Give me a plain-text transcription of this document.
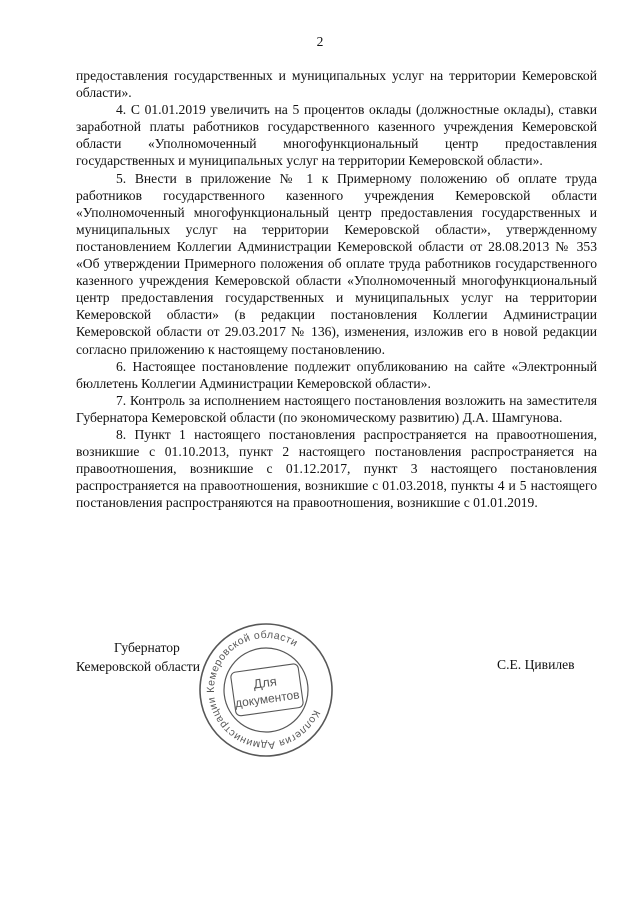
2

предоставления государственных и муниципальных услуг на территории Кемеровской области».

4. С 01.01.2019 увеличить на 5 процентов оклады (должностные оклады), ставки заработной платы работников государственного казенного учреждения Кемеровской области «Уполномоченный многофункциональный центр предоставления государственных и муниципальных услуг на территории Кемеровской области».

5. Внести в приложение № 1 к Примерному положению об оплате труда работников государственного казенного учреждения Кемеровской области «Уполномоченный многофункциональный центр предоставления государственных и муниципальных услуг на территории Кемеровской области», утвержденному постановлением Коллегии Администрации Кемеровской области от 28.08.2013 № 353 «Об утверждении Примерного положения об оплате труда работников государственного казенного учреждения Кемеровской области «Уполномоченный многофункциональный центр предоставления государственных и муниципальных услуг на территории Кемеровской области» (в редакции постановления Коллегии Администрации Кемеровской области от 29.03.2017 № 136), изменения, изложив его в новой редакции согласно приложению к настоящему постановлению.

6. Настоящее постановление подлежит опубликованию на сайте «Электронный бюллетень Коллегии Администрации Кемеровской области».

7. Контроль за исполнением настоящего постановления возложить на заместителя Губернатора Кемеровской области (по экономическому развитию) Д.А. Шамгунова.

8. Пункт 1 настоящего постановления распространяется на правоотношения, возникшие с 01.10.2013, пункт 2 настоящего постановления распространяется на правоотношения, возникшие с 01.12.2017, пункт 3 настоящего постановления распространяется на правоотношения, возникшие с 01.03.2018, пункты 4 и 5 настоящего постановления распространяются на правоотношения, возникшие с 01.01.2019.

Губернатор
Кемеровской области	С.Е. Цивилев
Коллегия Администрации Кемеровской области
Для
документов
